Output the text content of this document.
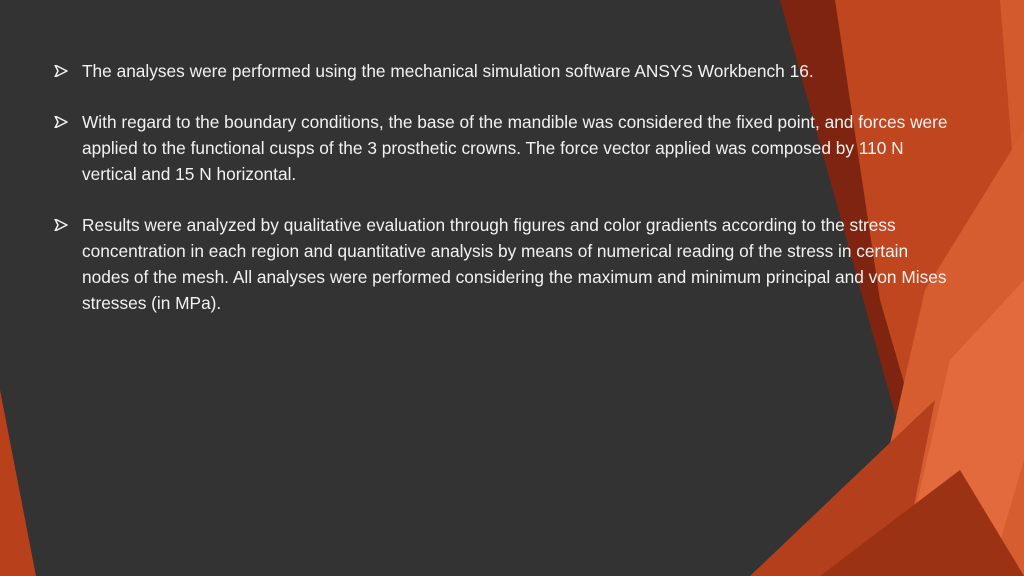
The analyses were performed using the mechanical simulation software ANSYS Workbench 16.
With regard to the boundary conditions, the base of the mandible was considered the fixed point, and forces were applied to the functional cusps of the 3 prosthetic crowns. The force vector applied was composed by 110 N vertical and 15 N horizontal.
Results were analyzed by qualitative evaluation through figures and color gradients according to the stress concentration in each region and quantitative analysis by means of numerical reading of the stress in certain nodes of the mesh. All analyses were performed considering the maximum and minimum principal and von Mises stresses (in MPa).
